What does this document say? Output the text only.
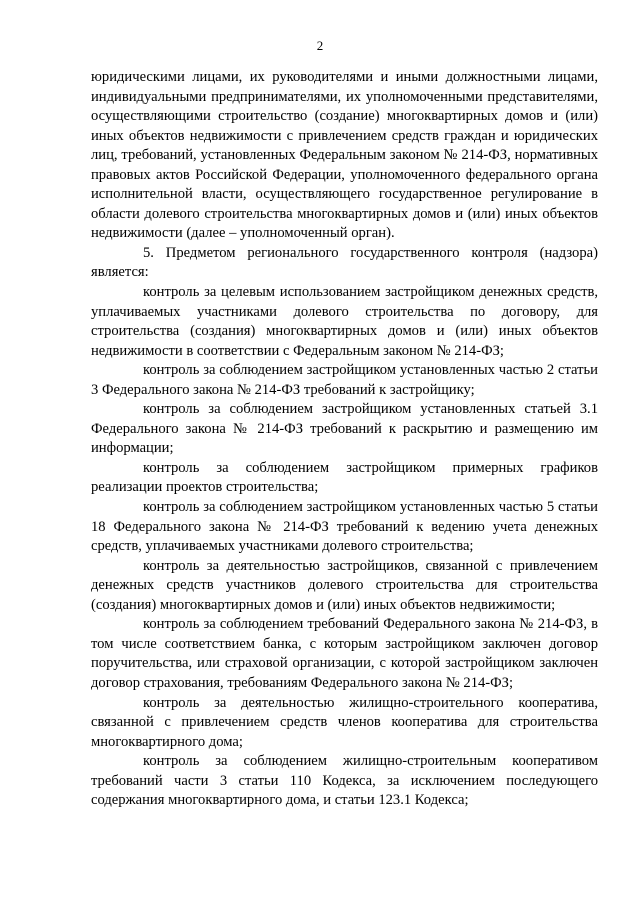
2

юридическими лицами, их руководителями и иными должностными лицами, индивидуальными предпринимателями, их уполномоченными представителями, осуществляющими строительство (создание) многоквартирных домов и (или) иных объектов недвижимости с привлечением средств граждан и юридических лиц, требований, установленных Федеральным законом № 214-ФЗ, нормативных правовых актов Российской Федерации, уполномоченного федерального органа исполнительной власти, осуществляющего государственное регулирование в области долевого строительства многоквартирных домов и (или) иных объектов недвижимости (далее – уполномоченный орган).

5. Предметом регионального государственного контроля (надзора) является:

контроль за целевым использованием застройщиком денежных средств, уплачиваемых участниками долевого строительства по договору, для строительства (создания) многоквартирных домов и (или) иных объектов недвижимости в соответствии с Федеральным законом № 214-ФЗ;

контроль за соблюдением застройщиком установленных частью 2 статьи 3 Федерального закона № 214-ФЗ требований к застройщику;

контроль за соблюдением застройщиком установленных статьей 3.1 Федерального закона № 214-ФЗ требований к раскрытию и размещению им информации;

контроль за соблюдением застройщиком примерных графиков реализации проектов строительства;

контроль за соблюдением застройщиком установленных частью 5 статьи 18 Федерального закона № 214-ФЗ требований к ведению учета денежных средств, уплачиваемых участниками долевого строительства;

контроль за деятельностью застройщиков, связанной с привлечением денежных средств участников долевого строительства для строительства (создания) многоквартирных домов и (или) иных объектов недвижимости;

контроль за соблюдением требований Федерального закона № 214-ФЗ, в том числе соответствием банка, с которым застройщиком заключен договор поручительства, или страховой организации, с которой застройщиком заключен договор страхования, требованиям Федерального закона № 214-ФЗ;

контроль за деятельностью жилищно-строительного кооператива, связанной с привлечением средств членов кооператива для строительства многоквартирного дома;

контроль за соблюдением жилищно-строительным кооперативом требований части 3 статьи 110 Кодекса, за исключением последующего содержания многоквартирного дома, и статьи 123.1 Кодекса;
